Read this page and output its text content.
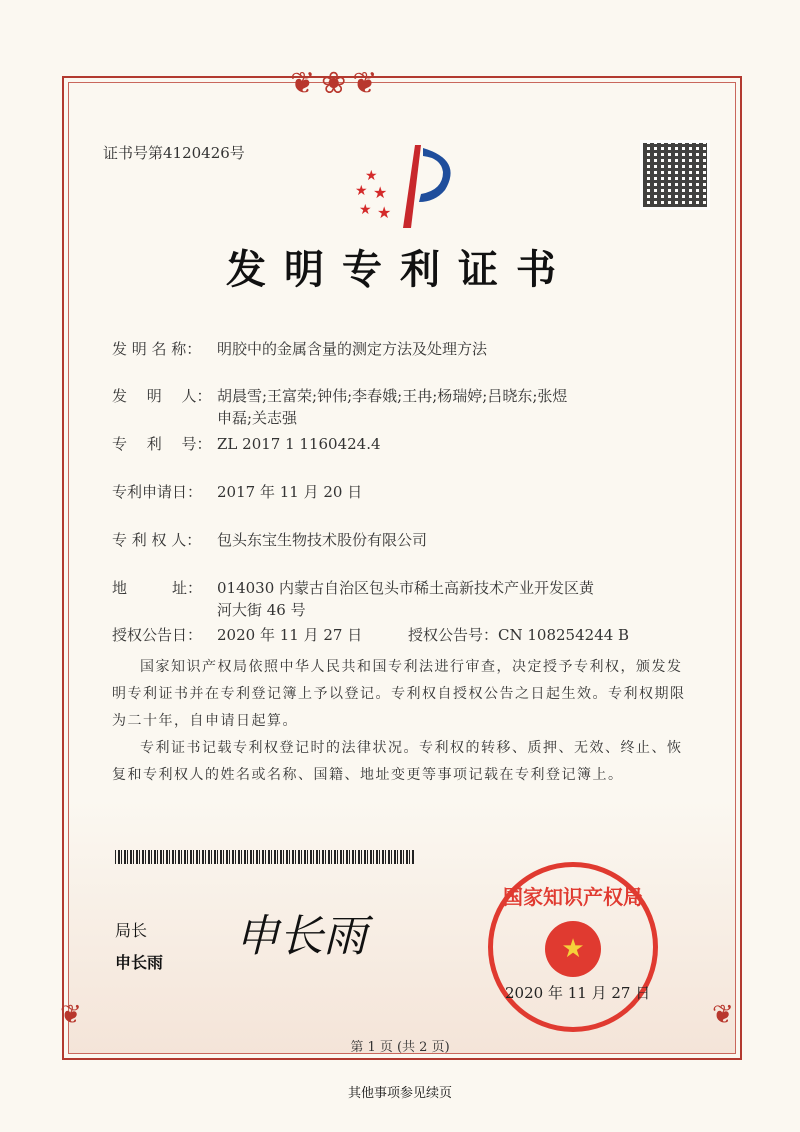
❦❀❦
❦	❦
证书号第4120426号
★
★ ★
★ ★
发明专利证书
发 明 名 称： 明胶中的金属含量的测定方法及处理方法
发　 明　 人： 胡晨雪;王富荣;钟伟;李春娥;王冉;杨瑞婷;吕晓东;张煜
申磊;关志强
专　 利　 号： ZL 2017 1 1160424.4
专利申请日： 2017 年 11 月 20 日
专 利 权 人： 包头东宝生物技术股份有限公司
地　　　址： 014030 内蒙古自治区包头市稀土高新技术产业开发区黄
河大街 46 号
授权公告日： 2020 年 11 月 27 日	授权公告号：CN 108254244 B

国家知识产权局依照中华人民共和国专利法进行审查，决定授予专利权，颁发发明专利证书并在专利登记簿上予以登记。专利权自授权公告之日起生效。专利权期限为二十年，自申请日起算。

专利证书记载专利权登记时的法律状况。专利权的转移、质押、无效、终止、恢复和专利权人的姓名或名称、国籍、地址变更等事项记载在专利登记簿上。

局长
申长雨
申长雨
国家知识产权局
★
2020 年 11 月 27 日
第 1 页 (共 2 页)
其他事项参见续页
